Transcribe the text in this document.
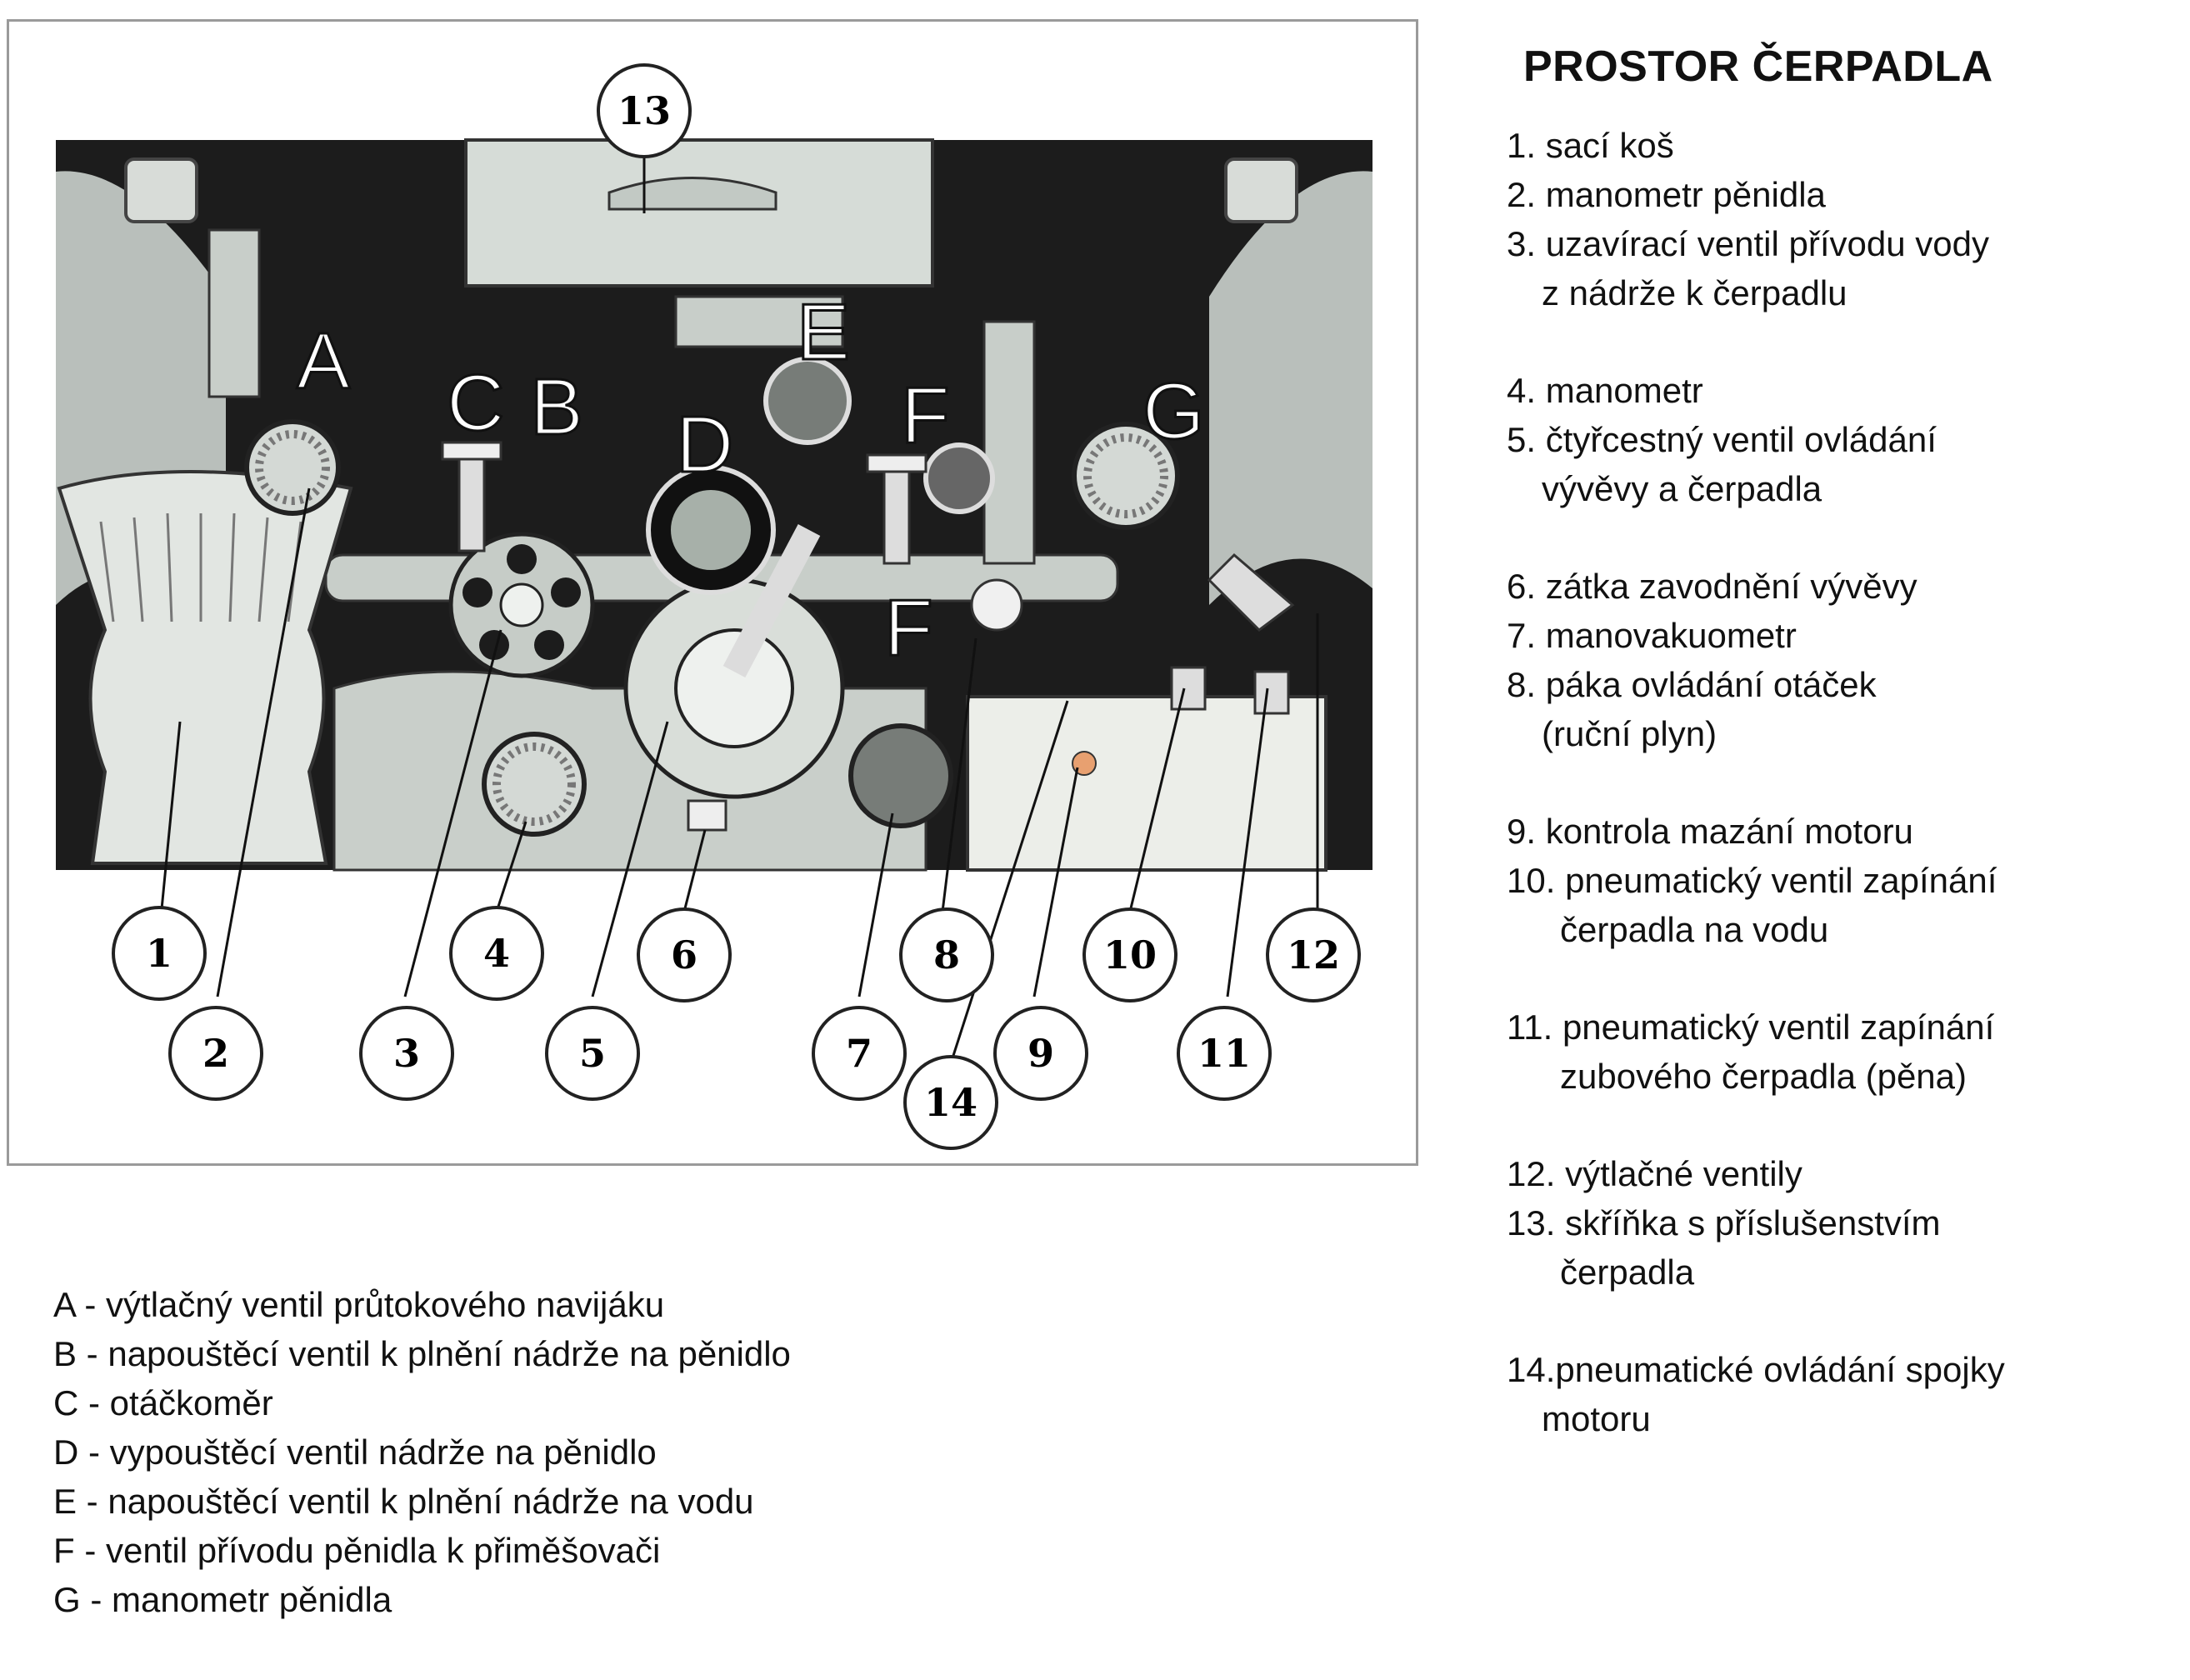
A
B
C D
E
F
F
G
13
1
2	3
4
5
6
7
8
9
10
11
12
14
PROSTOR ČERPADLA
1. sací koš
2. manometr pěnidla
3. uzavírací ventil přívodu vody
z nádrže k čerpadlu
4. manometr
5. čtyřcestný ventil ovládání
vývěvy a čerpadla
6. zátka zavodnění vývěvy
7. manovakuometr
8. páka ovládání otáček
(ruční plyn)
9. kontrola mazání motoru
10. pneumatický ventil zapínání
čerpadla na vodu
11. pneumatický ventil zapínání
zubového čerpadla (pěna)
12. výtlačné ventily
13. skříňka s příslušenstvím
čerpadla
14.pneumatické ovládání spojky
motoru
A - výtlačný ventil průtokového navijáku
B - napouštěcí ventil k plnění nádrže na pěnidlo
C - otáčkoměr
D - vypouštěcí ventil nádrže na pěnidlo
E - napouštěcí ventil k plnění nádrže na vodu
F - ventil přívodu pěnidla k přiměšovači
G - manometr pěnidla
